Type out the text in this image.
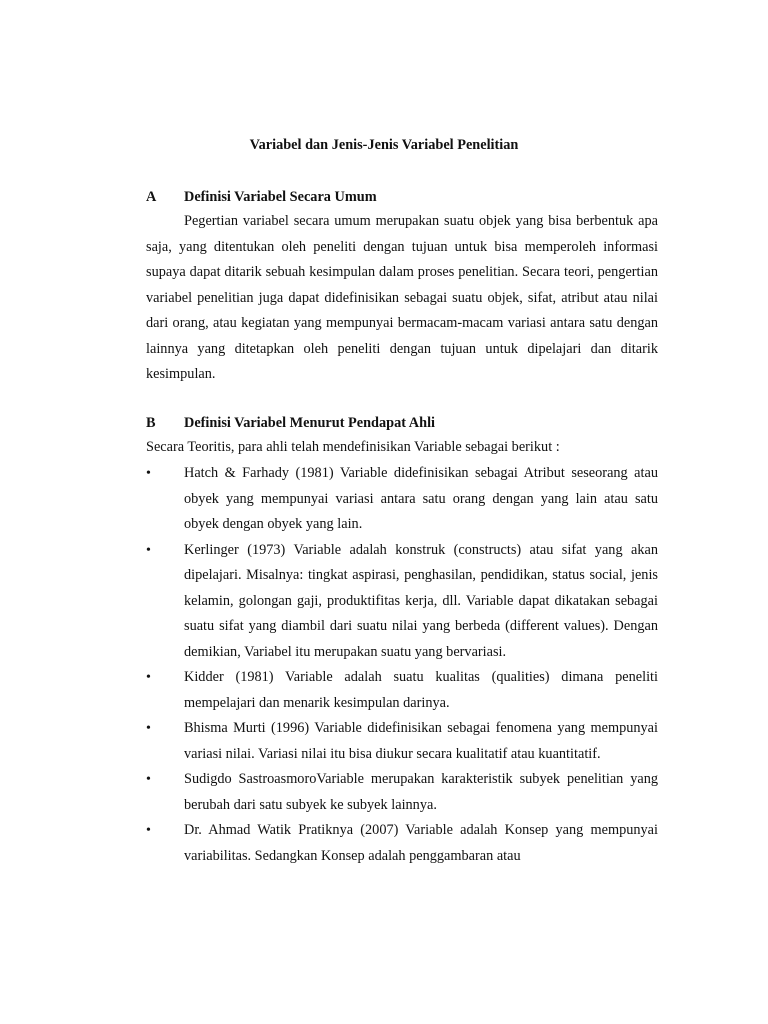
Variabel dan Jenis-Jenis Variabel Penelitian
A Definisi Variabel Secara Umum

Pegertian variabel secara umum merupakan suatu objek yang bisa berbentuk apa saja, yang ditentukan oleh peneliti dengan tujuan untuk bisa memperoleh informasi supaya dapat ditarik sebuah kesimpulan dalam proses penelitian. Secara teori, pengertian variabel penelitian juga dapat didefinisikan sebagai suatu objek, sifat, atribut atau nilai dari orang, atau kegiatan yang mempunyai bermacam-macam variasi antara satu dengan lainnya yang ditetapkan oleh peneliti dengan tujuan untuk dipelajari dan ditarik kesimpulan.

B Definisi Variabel Menurut Pendapat Ahli

Secara Teoritis, para ahli telah mendefinisikan Variable sebagai berikut :

•	Hatch & Farhady (1981) Variable didefinisikan sebagai Atribut seseorang atau obyek yang mempunyai variasi antara satu orang dengan yang lain atau satu obyek dengan obyek yang lain.
•	Kerlinger (1973) Variable adalah konstruk (constructs) atau sifat yang akan dipelajari. Misalnya: tingkat aspirasi, penghasilan, pendidikan, status social, jenis kelamin, golongan gaji, produktifitas kerja, dll. Variable dapat dikatakan sebagai suatu sifat yang diambil dari suatu nilai yang berbeda (different values). Dengan demikian, Variabel itu merupakan suatu yang bervariasi.
•	Kidder (1981) Variable adalah suatu kualitas (qualities) dimana peneliti mempelajari dan menarik kesimpulan darinya.
•	Bhisma Murti (1996) Variable didefinisikan sebagai fenomena yang mempunyai variasi nilai. Variasi nilai itu bisa diukur secara kualitatif atau kuantitatif.
•	Sudigdo SastroasmoroVariable merupakan karakteristik subyek penelitian yang berubah dari satu subyek ke subyek lainnya.
•	Dr. Ahmad Watik Pratiknya (2007) Variable adalah Konsep yang mempunyai variabilitas. Sedangkan Konsep adalah penggambaran atau
